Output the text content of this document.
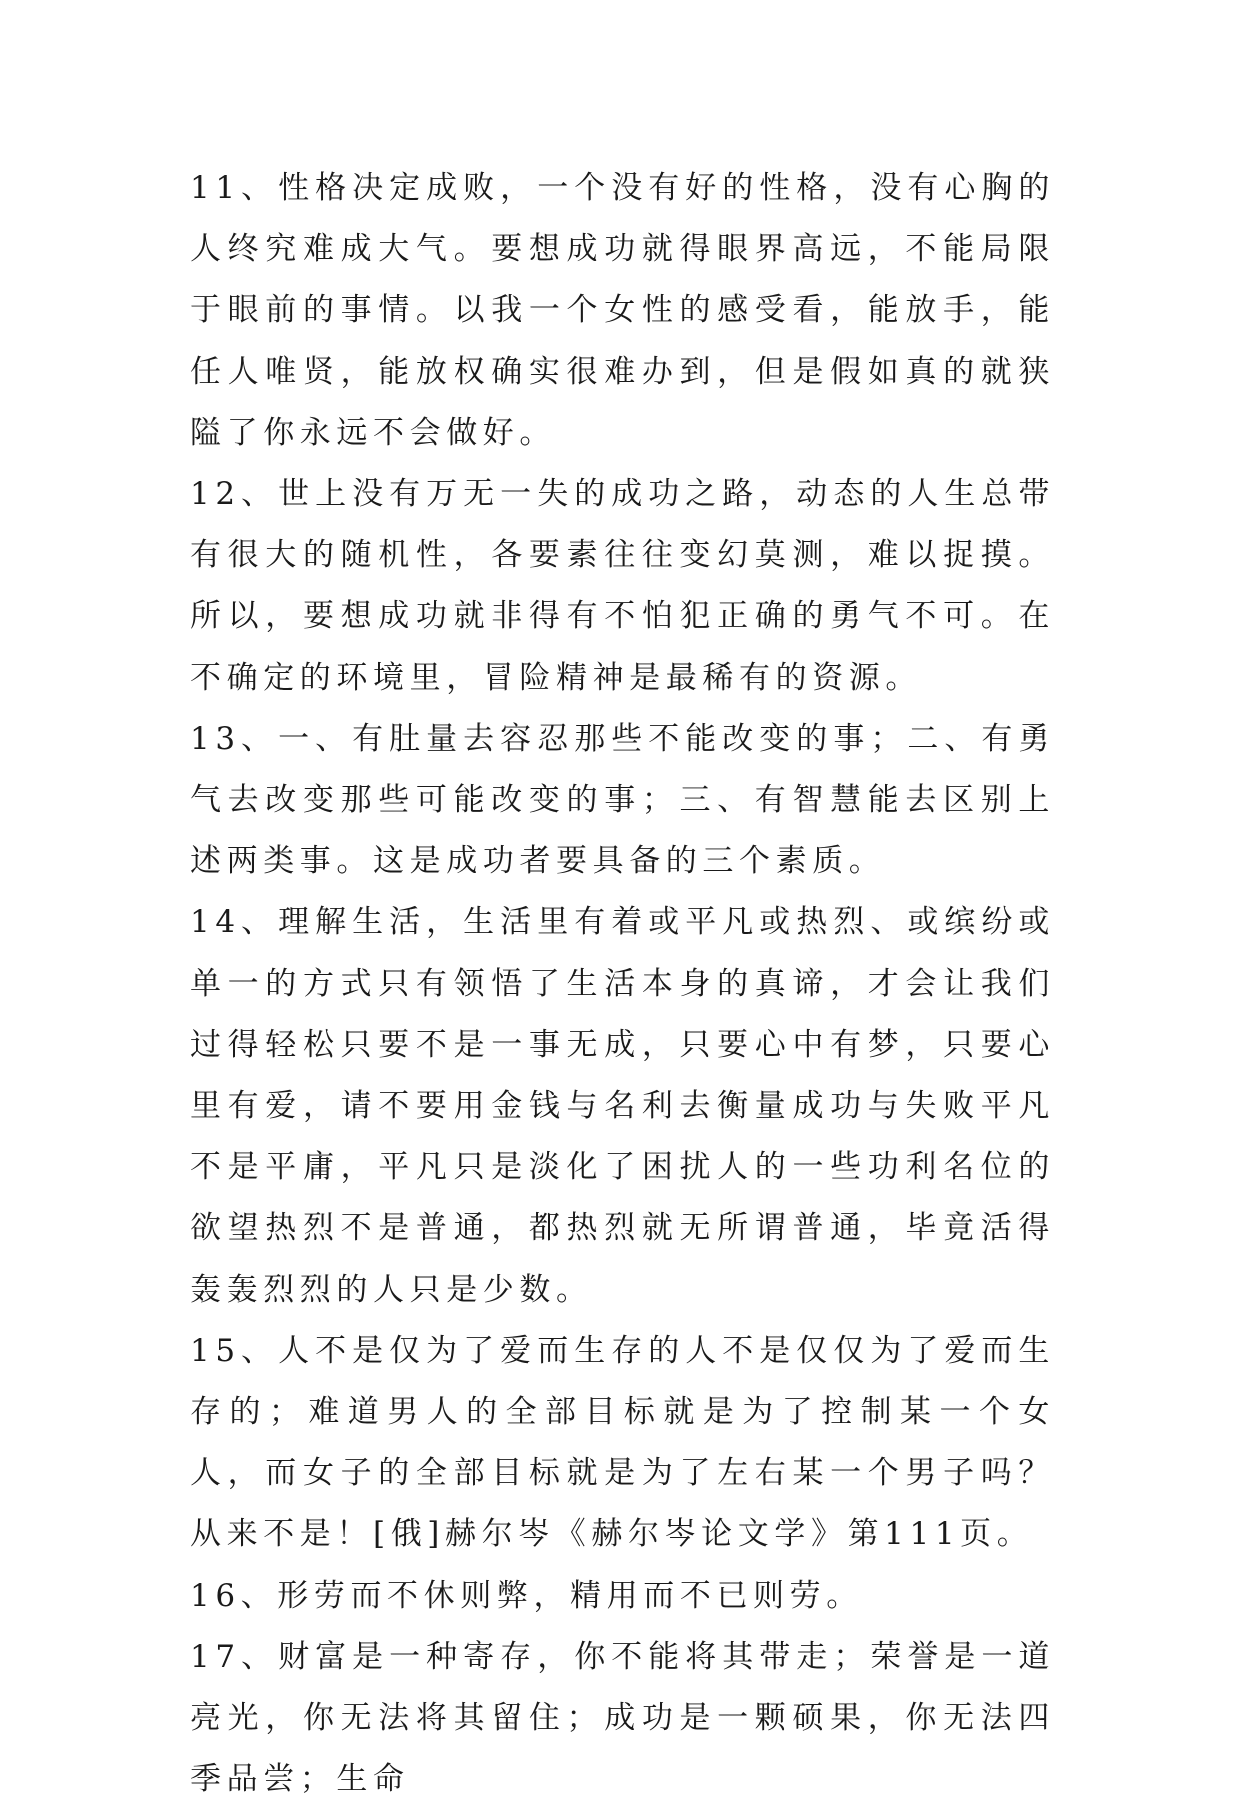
11、性格决定成败，一个没有好的性格，没有心胸的人终究难成大气。要想成功就得眼界高远，不能局限于眼前的事情。以我一个女性的感受看，能放手，能任人唯贤，能放权确实很难办到，但是假如真的就狭隘了你永远不会做好。

12、世上没有万无一失的成功之路，动态的人生总带有很大的随机性，各要素往往变幻莫测，难以捉摸。所以，要想成功就非得有不怕犯正确的勇气不可。在不确定的环境里，冒险精神是最稀有的资源。

13、一、有肚量去容忍那些不能改变的事；二、有勇气去改变那些可能改变的事；三、有智慧能去区别上述两类事。这是成功者要具备的三个素质。

14、理解生活，生活里有着或平凡或热烈、或缤纷或单一的方式只有领悟了生活本身的真谛，才会让我们过得轻松只要不是一事无成，只要心中有梦，只要心里有爱，请不要用金钱与名利去衡量成功与失败平凡不是平庸，平凡只是淡化了困扰人的一些功利名位的欲望热烈不是普通，都热烈就无所谓普通，毕竟活得轰轰烈烈的人只是少数。

15、人不是仅为了爱而生存的人不是仅仅为了爱而生存的；难道男人的全部目标就是为了控制某一个女人，而女子的全部目标就是为了左右某一个男子吗？从来不是！[俄]赫尔岑《赫尔岑论文学》第111页。

16、形劳而不休则弊，精用而不已则劳。

17、财富是一种寄存，你不能将其带走；荣誉是一道亮光，你无法将其留住；成功是一颗硕果，你无法四季品尝；生命
